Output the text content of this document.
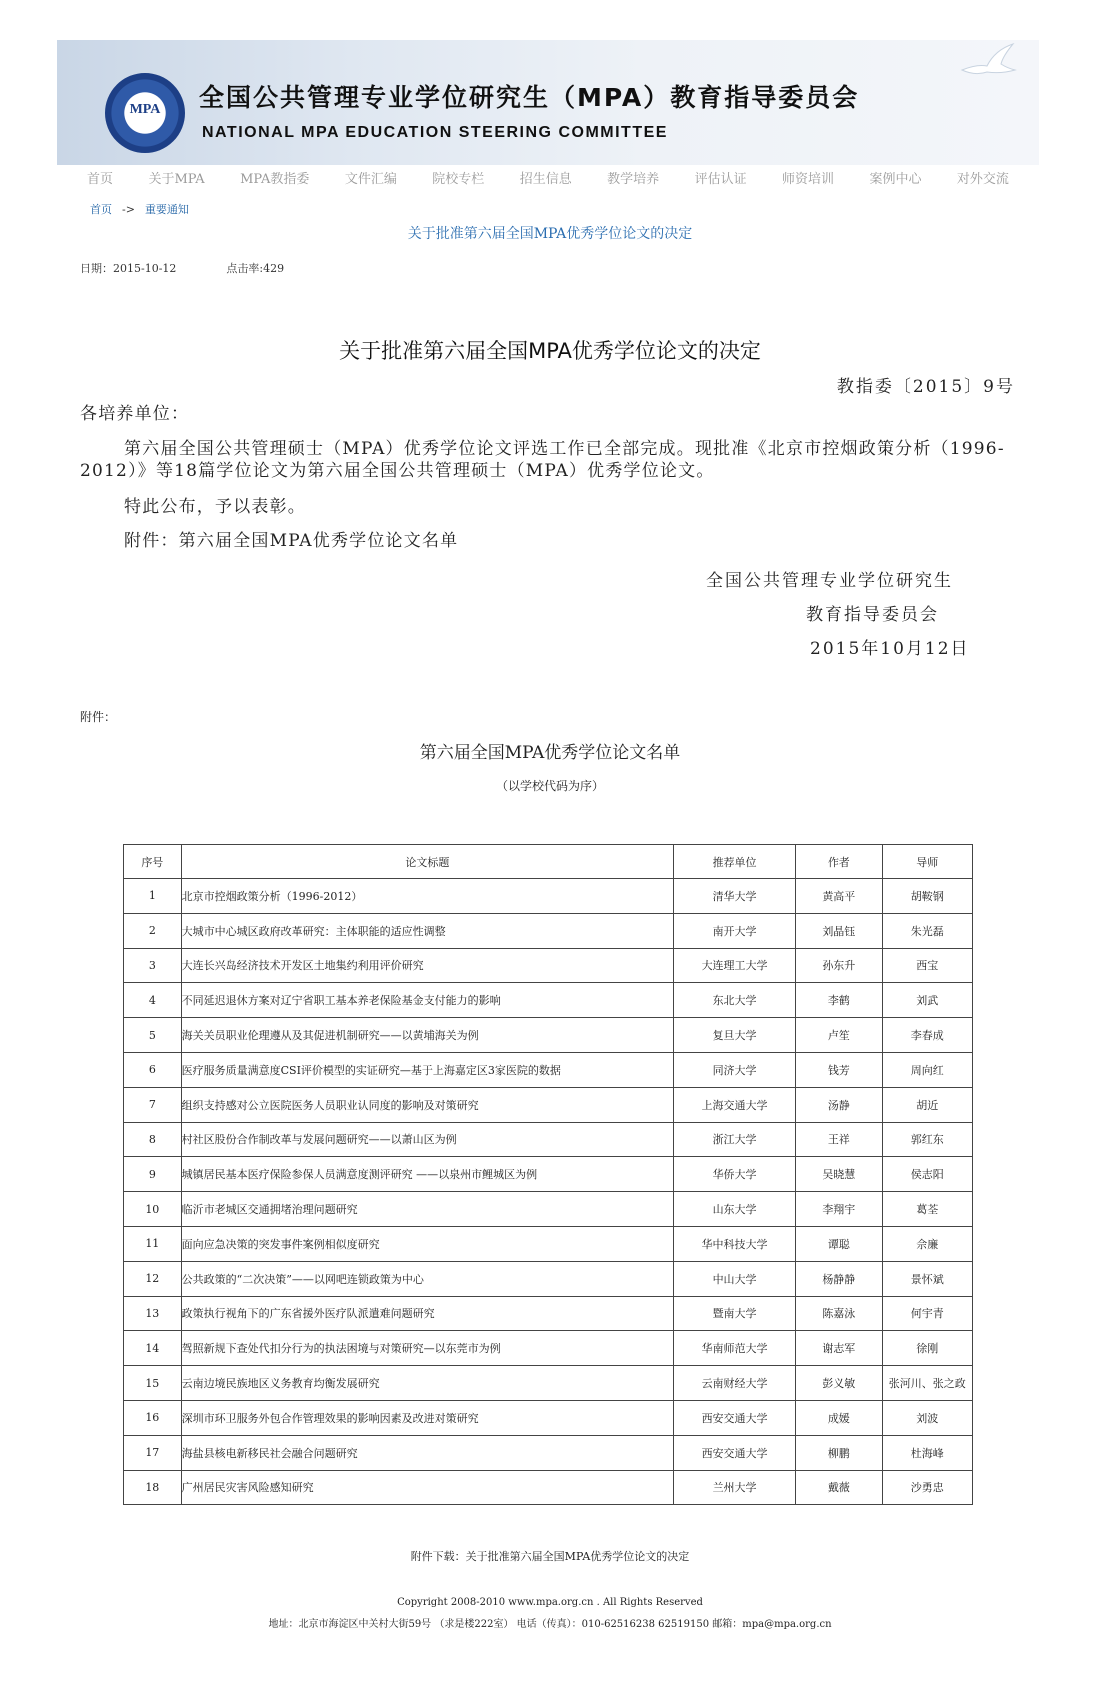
MPA	全国公共管理专业学位研究生（MPA）教育指导委员会
NATIONAL MPA EDUCATION STEERING COMMITTEE
首页	关于MPA	MPA教指委	文件汇编	院校专栏	招生信息	教学培养	评估认证	师资培训	案例中心	对外交流
首页 -> 重要通知
关于批准第六届全国MPA优秀学位论文的决定
日期：2015-10-12	点击率:429
关于批准第六届全国MPA优秀学位论文的决定
教指委〔2015〕9号
各培养单位：
第六届全国公共管理硕士（MPA）优秀学位论文评选工作已全部完成。现批准《北京市控烟政策分析（1996-2012）》等18篇学位论文为第六届全国公共管理硕士（MPA）优秀学位论文。
特此公布，予以表彰。
附件：第六届全国MPA优秀学位论文名单
全国公共管理专业学位研究生
教育指导委员会
2015年10月12日
附件：
第六届全国MPA优秀学位论文名单
（以学校代码为序）
序号	论文标题	推荐单位	作者	导师
1	北京市控烟政策分析（1996-2012）	清华大学	黄高平	胡鞍钢
2	大城市中心城区政府改革研究：主体职能的适应性调整	南开大学	刘晶钰	朱光磊
3	大连长兴岛经济技术开发区土地集约利用评价研究	大连理工大学	孙东升	西宝
4	不同延迟退休方案对辽宁省职工基本养老保险基金支付能力的影响	东北大学	李鹤	刘武
5	海关关员职业伦理遵从及其促进机制研究——以黄埔海关为例	复旦大学	卢笙	李春成
6	医疗服务质量满意度CSI评价模型的实证研究—基于上海嘉定区3家医院的数据	同济大学	钱芳	周向红
7	组织支持感对公立医院医务人员职业认同度的影响及对策研究	上海交通大学	汤静	胡近
8	村社区股份合作制改革与发展问题研究——以萧山区为例	浙江大学	王祥	郭红东
9	城镇居民基本医疗保险参保人员满意度测评研究 ——以泉州市鲤城区为例	华侨大学	吴晓慧	侯志阳
10	临沂市老城区交通拥堵治理问题研究	山东大学	李翔宇	葛荃
11	面向应急决策的突发事件案例相似度研究	华中科技大学	谭聪	佘廉
12	公共政策的“二次决策”——以网吧连锁政策为中心	中山大学	杨静静	景怀斌
13	政策执行视角下的广东省援外医疗队派遣难问题研究	暨南大学	陈嘉泳	何宇青
14	驾照新规下查处代扣分行为的执法困境与对策研究—以东莞市为例	华南师范大学	谢志军	徐刚
15	云南边境民族地区义务教育均衡发展研究	云南财经大学	彭义敏	张河川、张之政
16	深圳市环卫服务外包合作管理效果的影响因素及改进对策研究	西安交通大学	成媛	刘波
17	海盐县核电新移民社会融合问题研究	西安交通大学	柳鹏	杜海峰
18	广州居民灾害风险感知研究	兰州大学	戴薇	沙勇忠
附件下载：关于批准第六届全国MPA优秀学位论文的决定
Copyright 2008-2010 www.mpa.org.cn . All Rights Reserved
地址：北京市海淀区中关村大街59号 （求是楼222室） 电话（传真）：010-62516238 62519150 邮箱：mpa@mpa.org.cn
